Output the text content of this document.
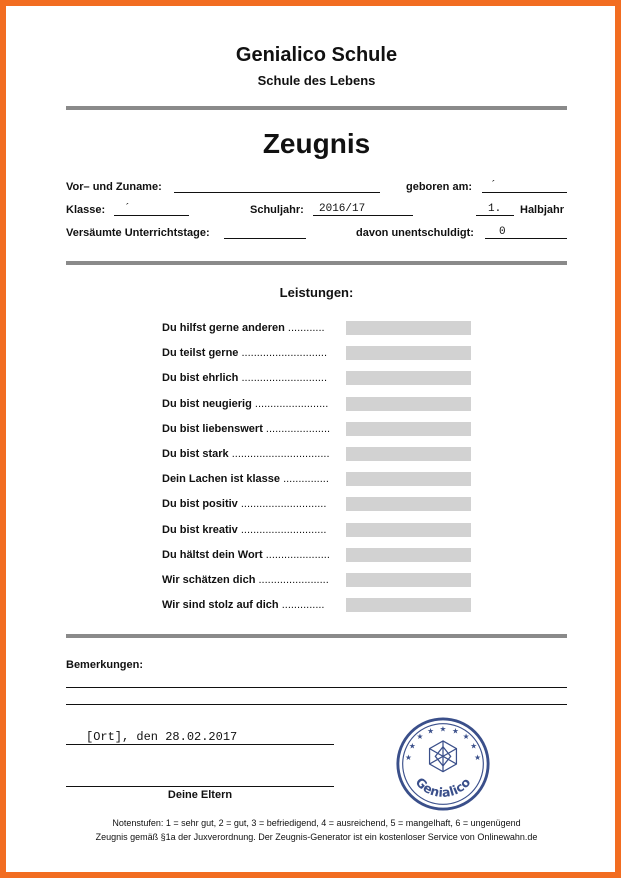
Genialico Schule
Schule des Lebens
Zeugnis
Vor– und Zuname:	geboren am:	´
Klasse:	´	Schuljahr:	2016/17	1.	Halbjahr
Versäumte Unterrichtstage:	davon unentschuldigt:	0
Leistungen:
Du hilfst gerne anderen ............
Du teilst gerne ............................
Du bist ehrlich ............................
Du bist neugierig ........................
Du bist liebenswert .....................
Du bist stark ................................
Dein Lachen ist klasse ...............
Du bist positiv ............................
Du bist kreativ ............................
Du hältst dein Wort .....................
Wir schätzen dich .......................
Wir sind stolz auf dich ..............
Bemerkungen:
[Ort], den 28.02.2017
Deine Eltern
★ ★
★
★
★
★
★
★
★
Genialico
Notenstufen: 1 = sehr gut, 2 = gut, 3 = befriedigend, 4 = ausreichend, 5 = mangelhaft, 6 = ungenügend
Zeugnis gemäß §1a der Juxverordnung. Der Zeugnis-Generator ist ein kostenloser Service von Onlinewahn.de
